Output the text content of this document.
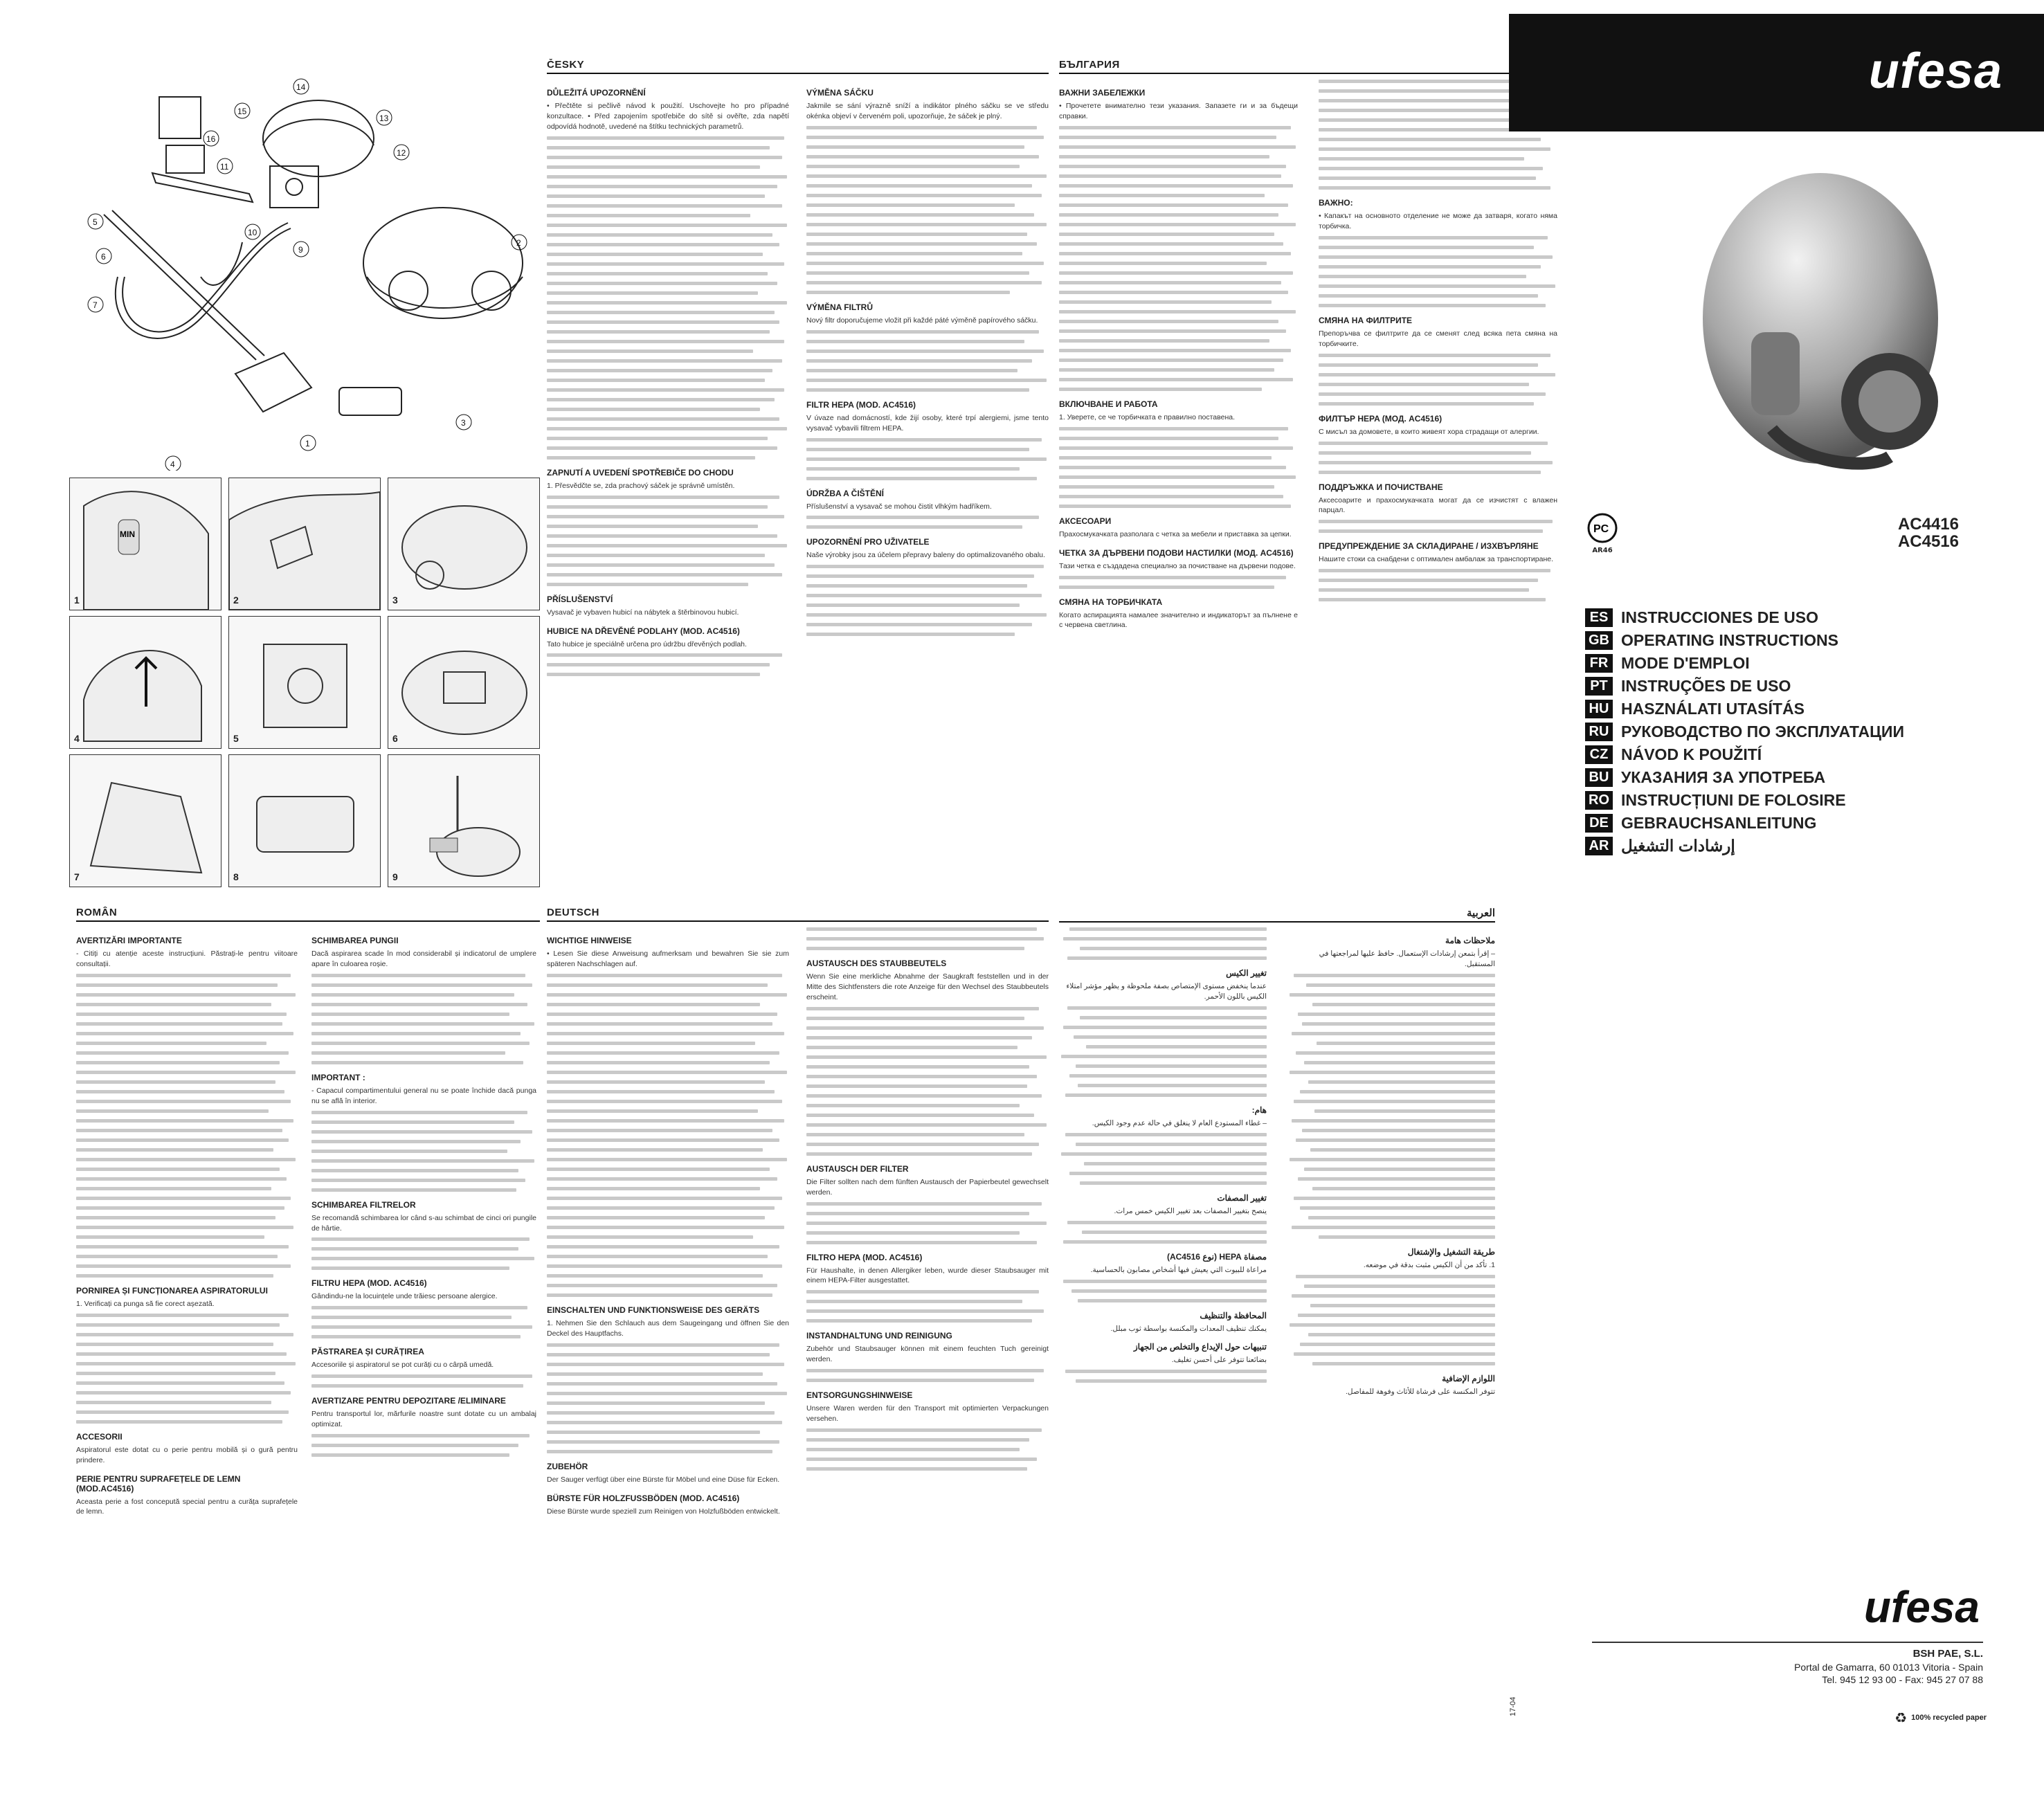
15
16
14
13
12
11
10
9
2
3
1
4
5
6
7
MIN
1	2	3
4	5	6
7	8	9
ČESKY
DŮLEŽITÁ UPOZORNĚNÍ

• Přečtěte si pečlivě návod k použití. Uschovejte ho pro případné konzultace. • Před zapojením spotřebiče do sítě si ověřte, zda napětí odpovídá hodnotě, uvedené na štítku technických parametrů.

ZAPNUTÍ A UVEDENÍ SPOTŘEBIČE DO CHODU

1. Přesvědčte se, zda prachový sáček je správně umístěn.

PŘÍSLUŠENSTVÍ

Vysavač je vybaven hubicí na nábytek a štěrbinovou hubicí.

HUBICE NA DŘEVĚNÉ PODLAHY (MOD. AC4516)

Tato hubice je speciálně určena pro údržbu dřevěných podlah.

VÝMĚNA SÁČKU

Jakmile se sání výrazně sníží a indikátor plného sáčku se ve středu okénka objeví v červeném poli, upozorňuje, že sáček je plný.

VÝMĚNA FILTRŮ

Nový filtr doporučujeme vložit při každé páté výměně papírového sáčku.

FILTR HEPA (MOD. AC4516)

V úvaze nad domácností, kde žijí osoby, které trpí alergiemi, jsme tento vysavač vybavili filtrem HEPA.

ÚDRŽBA A ČIŠTĚNÍ

Příslušenství a vysavač se mohou čistit vlhkým hadříkem.

UPOZORNĚNÍ PRO UŽIVATELE

Naše výrobky jsou za účelem přepravy baleny do optimalizovaného obalu.

БЪЛГАРИЯ
ВАЖНИ ЗАБЕЛЕЖКИ

• Прочетете внимателно тези указания. Запазете ги и за бъдещи справки.

ВКЛЮЧВАНЕ И РАБОТА

1. Уверете, се че торбичката е правилно поставена.

АКСЕСОАРИ

Прахосмукачката разполага с четка за мебели и приставка за цепки.

ЧЕТКА ЗА ДЪРВЕНИ ПОДОВИ НАСТИЛКИ (МОД. AC4516)

Тази четка е създадена специално за почистване на дървени подове.

СМЯНА НА ТОРБИЧКАТА

Когато аспирацията намалее значително и индикаторът за пълнене е с червена светлина.

ВАЖНО:

• Капакът на основното отделение не може да затваря, когато няма торбичка.

СМЯНА НА ФИЛТРИТЕ

Препоръчва се филтрите да се сменят след всяка пета смяна на торбичките.

ФИЛТЪР HEPA (МОД. AC4516)

С мисъл за домовете, в които живеят хора страдащи от алергии.

ПОДДРЪЖКА И ПОЧИСТВАНЕ

Аксесоарите и прахосмукачката могат да се изчистят с влажен парцал.

ПРЕДУПРЕЖДЕНИЕ ЗА СКЛАДИРАНЕ / ИЗХВЪРЛЯНЕ

Нашите стоки са снабдени с оптимален амбалаж за транспортиране.

ufesa
PC
AR46
AC4416
AC4516
ES INSTRUCCIONES DE USO
GB OPERATING INSTRUCTIONS
FR MODE D'EMPLOI
PT INSTRUÇÕES DE USO
HU HASZNÁLATI UTASÍTÁS
RU РУКОВОДСТВО ПО ЭКСПЛУАТАЦИИ
CZ NÁVOD K POUŽITÍ
BU УКАЗАНИЯ ЗА УПОТРЕБА
RO INSTRUCȚIUNI DE FOLOSIRE
DE GEBRAUCHSANLEITUNG
AR إرشادات التشغيل
ROMÂN
AVERTIZĂRI IMPORTANTE

- Citiți cu atenție aceste instrucțiuni. Păstrați-le pentru viitoare consultații.

PORNIREA ȘI FUNCȚIONAREA ASPIRATORULUI

1. Verificați ca punga să fie corect așezată.

ACCESORII

Aspiratorul este dotat cu o perie pentru mobilă și o gură pentru prindere.

PERIE PENTRU SUPRAFEȚELE DE LEMN (MOD.AC4516)

Aceasta perie a fost concepută special pentru a curăța suprafețele de lemn.

SCHIMBAREA PUNGII

Dacă aspirarea scade în mod considerabil și indicatorul de umplere apare în culoarea roșie.

IMPORTANT :

- Capacul compartimentului general nu se poate închide dacă punga nu se află în interior.

SCHIMBAREA FILTRELOR

Se recomandă schimbarea lor când s-au schimbat de cinci ori pungile de hârtie.

FILTRU HEPA (MOD. AC4516)

Gândindu-ne la locuințele unde trăiesc persoane alergice.

PĂSTRAREA ȘI CURĂȚIREA

Accesoriile și aspiratorul se pot curăți cu o cârpă umedă.

AVERTIZARE PENTRU DEPOZITARE /ELIMINARE

Pentru transportul lor, mărfurile noastre sunt dotate cu un ambalaj optimizat.

DEUTSCH
WICHTIGE HINWEISE

• Lesen Sie diese Anweisung aufmerksam und bewahren Sie sie zum späteren Nachschlagen auf.

EINSCHALTEN UND FUNKTIONSWEISE DES GERÄTS

1. Nehmen Sie den Schlauch aus dem Saugeingang und öffnen Sie den Deckel des Hauptfachs.

ZUBEHÖR

Der Sauger verfügt über eine Bürste für Möbel und eine Düse für Ecken.

BÜRSTE FÜR HOLZFUSSBÖDEN (MOD. AC4516)

Diese Bürste wurde speziell zum Reinigen von Holzfußböden entwickelt.

AUSTAUSCH DES STAUBBEUTELS

Wenn Sie eine merkliche Abnahme der Saugkraft feststellen und in der Mitte des Sichtfensters die rote Anzeige für den Wechsel des Staubbeutels erscheint.

AUSTAUSCH DER FILTER

Die Filter sollten nach dem fünften Austausch der Papierbeutel gewechselt werden.

FILTRO HEPA (MOD. AC4516)

Für Haushalte, in denen Allergiker leben, wurde dieser Staubsauger mit einem HEPA-Filter ausgestattet.

INSTANDHALTUNG UND REINIGUNG

Zubehör und Staubsauger können mit einem feuchten Tuch gereinigt werden.

ENTSORGUNGSHINWEISE

Unsere Waren werden für den Transport mit optimierten Verpackungen versehen.

العربية
ملاحظات هامة

– إقرأ بتمعن إرشادات الإستعمال. حافظ عليها لمراجعتها في المستقبل.

طريقة التشغيل والإشتغال

1. تأكد من أن الكيس مثبت بدقة في موضعه.

اللوازم الإضافية

تتوفر المكنسة على فرشاة للأثاث وفوهة للمفاصل.

تغيير الكيس

عندما ينخفض مستوى الإمتصاص بصفة ملحوظة و يظهر مؤشر امتلاء الكيس باللون الأحمر.

هام:

– غطاء المستودع العام لا ينغلق في حالة عدم وجود الكيس.

تغيير المصفات

ينصح بتغيير المصفات بعد تغيير الكيس خمس مرات.

مصفاة HEPA (نوع AC4516)

مراعاة للبيوت التي يعيش فيها أشخاص مصابون بالحساسية.

المحافظة والتنظيف

يمكنك تنظيف المعدات والمكنسة بواسطة ثوب مبلل.

تنبيهات حول الإيداع والتخلص من الجهاز

بضائعنا تتوفر على أحسن تغليف.

ufesa
BSH PAE, S.L.
Portal de Gamarra, 60 01013 Vitoria - Spain
Tel. 945 12 93 00 - Fax: 945 27 07 88
♻ 100% recycled paper
17-04
